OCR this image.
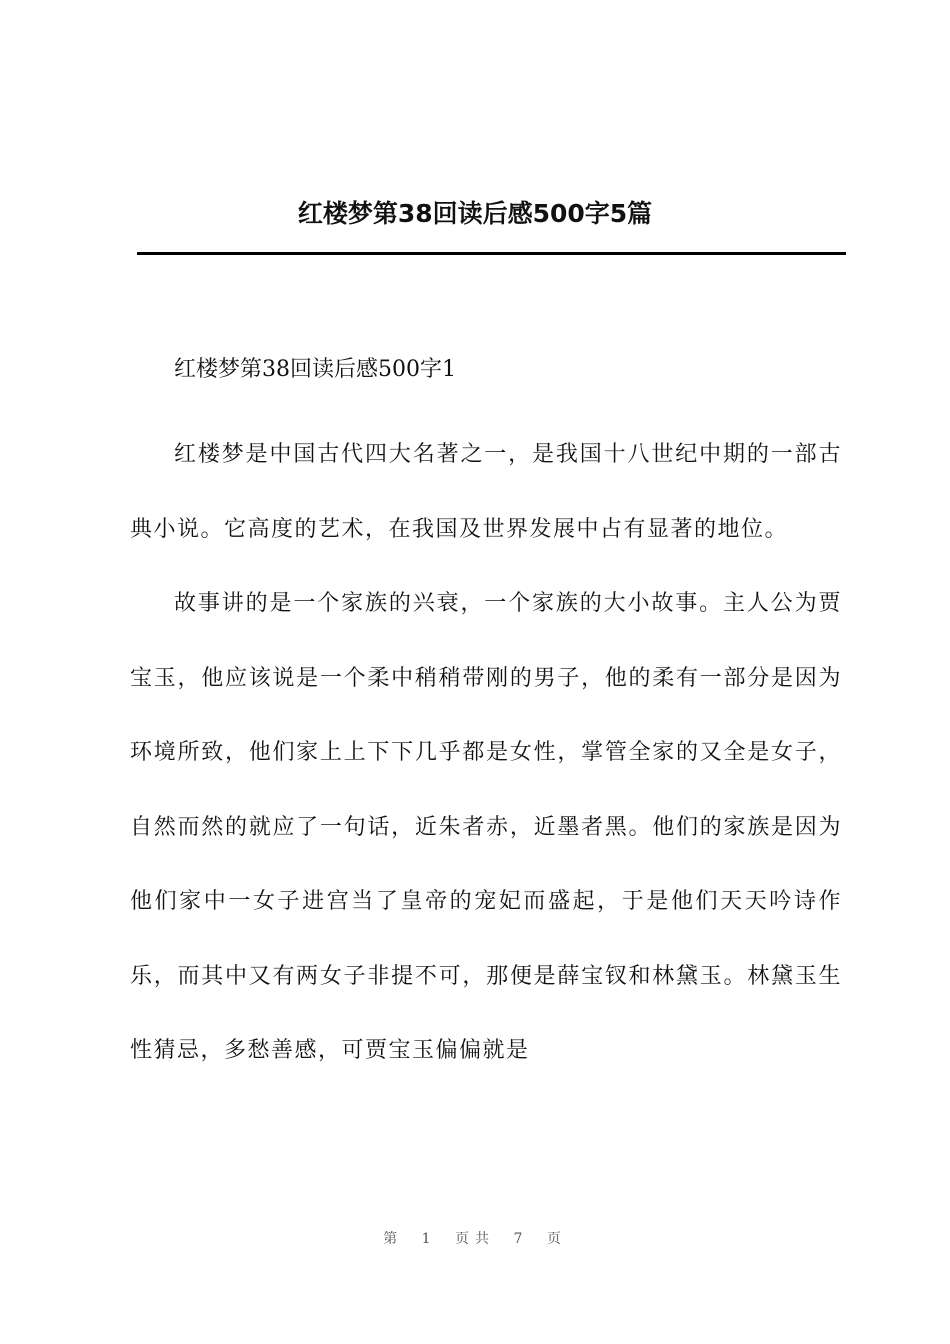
红楼梦第38回读后感500字5篇

红楼梦第38回读后感500字1

红楼梦是中国古代四大名著之一，是我国十八世纪中期的一部古典小说。它高度的艺术，在我国及世界发展中占有显著的地位。

故事讲的是一个家族的兴衰，一个家族的大小故事。主人公为贾宝玉，他应该说是一个柔中稍稍带刚的男子，他的柔有一部分是因为环境所致，他们家上上下下几乎都是女性，掌管全家的又全是女子，自然而然的就应了一句话，近朱者赤，近墨者黑。他们的家族是因为他们家中一女子进宫当了皇帝的宠妃而盛起，于是他们天天吟诗作乐，而其中又有两女子非提不可，那便是薛宝钗和林黛玉。林黛玉生性猜忌，多愁善感，可贾宝玉偏偏就是

第 1 页共 7 页
